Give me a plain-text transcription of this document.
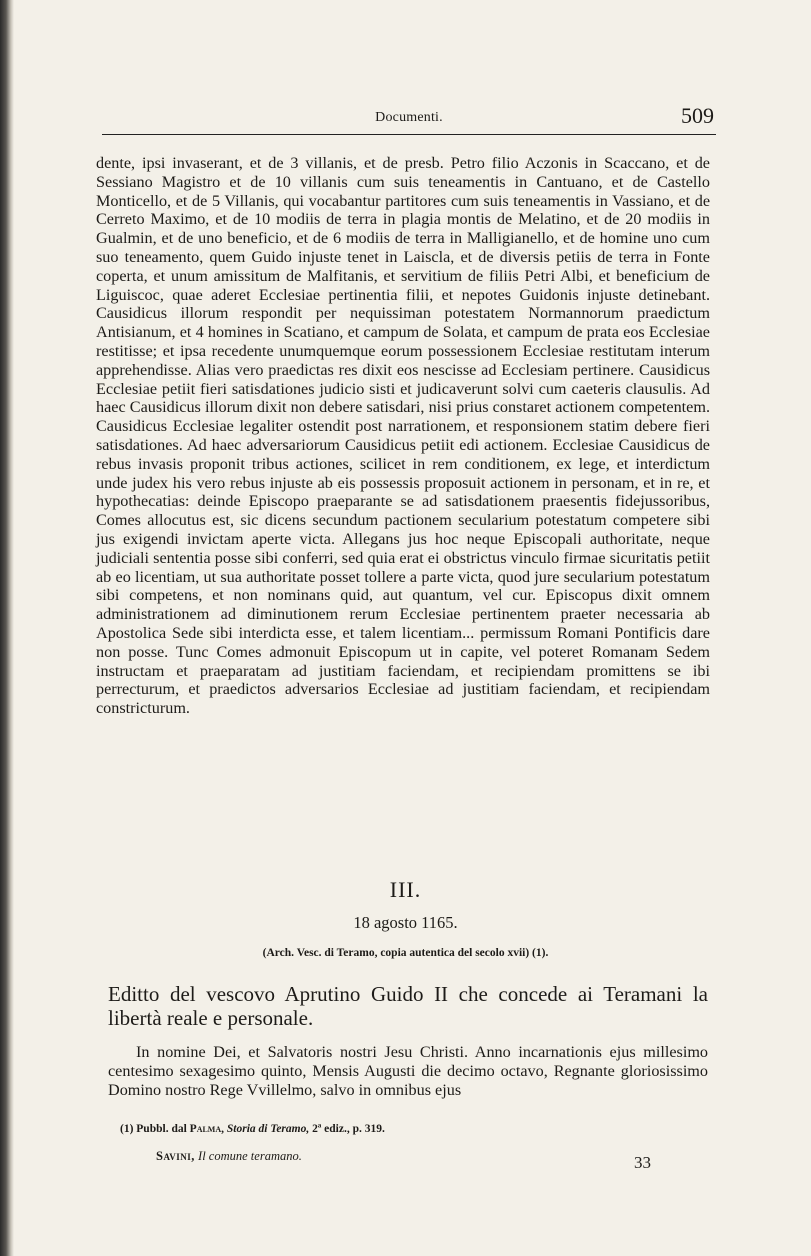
Documenti.	509

dente, ipsi invaserant, et de 3 villanis, et de presb. Petro filio Aczonis in Scaccano, et de Sessiano Magistro et de 10 villanis cum suis teneamentis in Cantuano, et de Castello Monticello, et de 5 Villanis, qui vocabantur partitores cum suis teneamentis in Vassiano, et de Cerreto Maximo, et de 10 modiis de terra in plagia montis de Melatino, et de 20 modiis in Gualmin, et de uno beneficio, et de 6 modiis de terra in Malligianello, et de homine uno cum suo teneamento, quem Guido injuste tenet in Laiscla, et de diversis petiis de terra in Fonte coperta, et unum amissitum de Malfitanis, et servitium de filiis Petri Albi, et beneficium de Liguiscoc, quae aderet Ecclesiae pertinentia filii, et nepotes Guidonis injuste detinebant. Causidicus illorum respondit per nequissiman potestatem Normannorum praedictum Antisianum, et 4 homines in Scatiano, et campum de Solata, et campum de prata eos Ecclesiae restitisse; et ipsa recedente unumquemque eorum possessionem Ecclesiae restitutam interum apprehendisse. Alias vero praedictas res dixit eos nescisse ad Ecclesiam pertinere. Causidicus Ecclesiae petiit fieri satisdationes judicio sisti et judicaverunt solvi cum caeteris clausulis. Ad haec Causidicus illorum dixit non debere satisdari, nisi prius constaret actionem competentem. Causidicus Ecclesiae legaliter ostendit post narrationem, et responsionem statim debere fieri satisdationes. Ad haec adversariorum Causidicus petiit edi actionem. Ecclesiae Causidicus de rebus invasis proponit tribus actiones, scilicet in rem conditionem, ex lege, et interdictum unde judex his vero rebus injuste ab eis possessis proposuit actionem in personam, et in re, et hypothecatias: deinde Episcopo praeparante se ad satisdationem praesentis fidejussoribus, Comes allocutus est, sic dicens secundum pactionem secularium potestatum competere sibi jus exigendi invictam aperte victa. Allegans jus hoc neque Episcopali authoritate, neque judiciali sententia posse sibi conferri, sed quia erat ei obstrictus vinculo firmae sicuritatis petiit ab eo licentiam, ut sua authoritate posset tollere a parte victa, quod jure secularium potestatum sibi competens, et non nominans quid, aut quantum, vel cur. Episcopus dixit omnem administrationem ad diminutionem rerum Ecclesiae pertinentem praeter necessaria ab Apostolica Sede sibi interdicta esse, et talem licentiam... permissum Romani Pontificis dare non posse. Tunc Comes admonuit Episcopum ut in capite, vel poteret Romanam Sedem instructam et praeparatam ad justitiam faciendam, et recipiendam promittens se ibi perrecturum, et praedictos adversarios Ecclesiae ad justitiam faciendam, et recipiendam constricturum.

III.
18 agosto 1165.
(Arch. Vesc. di Teramo, copia autentica del secolo xvii) (1).
Editto del vescovo Aprutino Guido II che concede ai Teramani la libertà reale e personale.

In nomine Dei, et Salvatoris nostri Jesu Christi. Anno incarnationis ejus millesimo centesimo sexagesimo quinto, Mensis Augusti die decimo octavo, Regnante gloriosissimo Domino nostro Rege Vvillelmo, salvo in omnibus ejus

(1) Pubbl. dal Palma, Storia di Teramo, 2ª ediz., p. 319.
Savini, Il comune teramano.	33
